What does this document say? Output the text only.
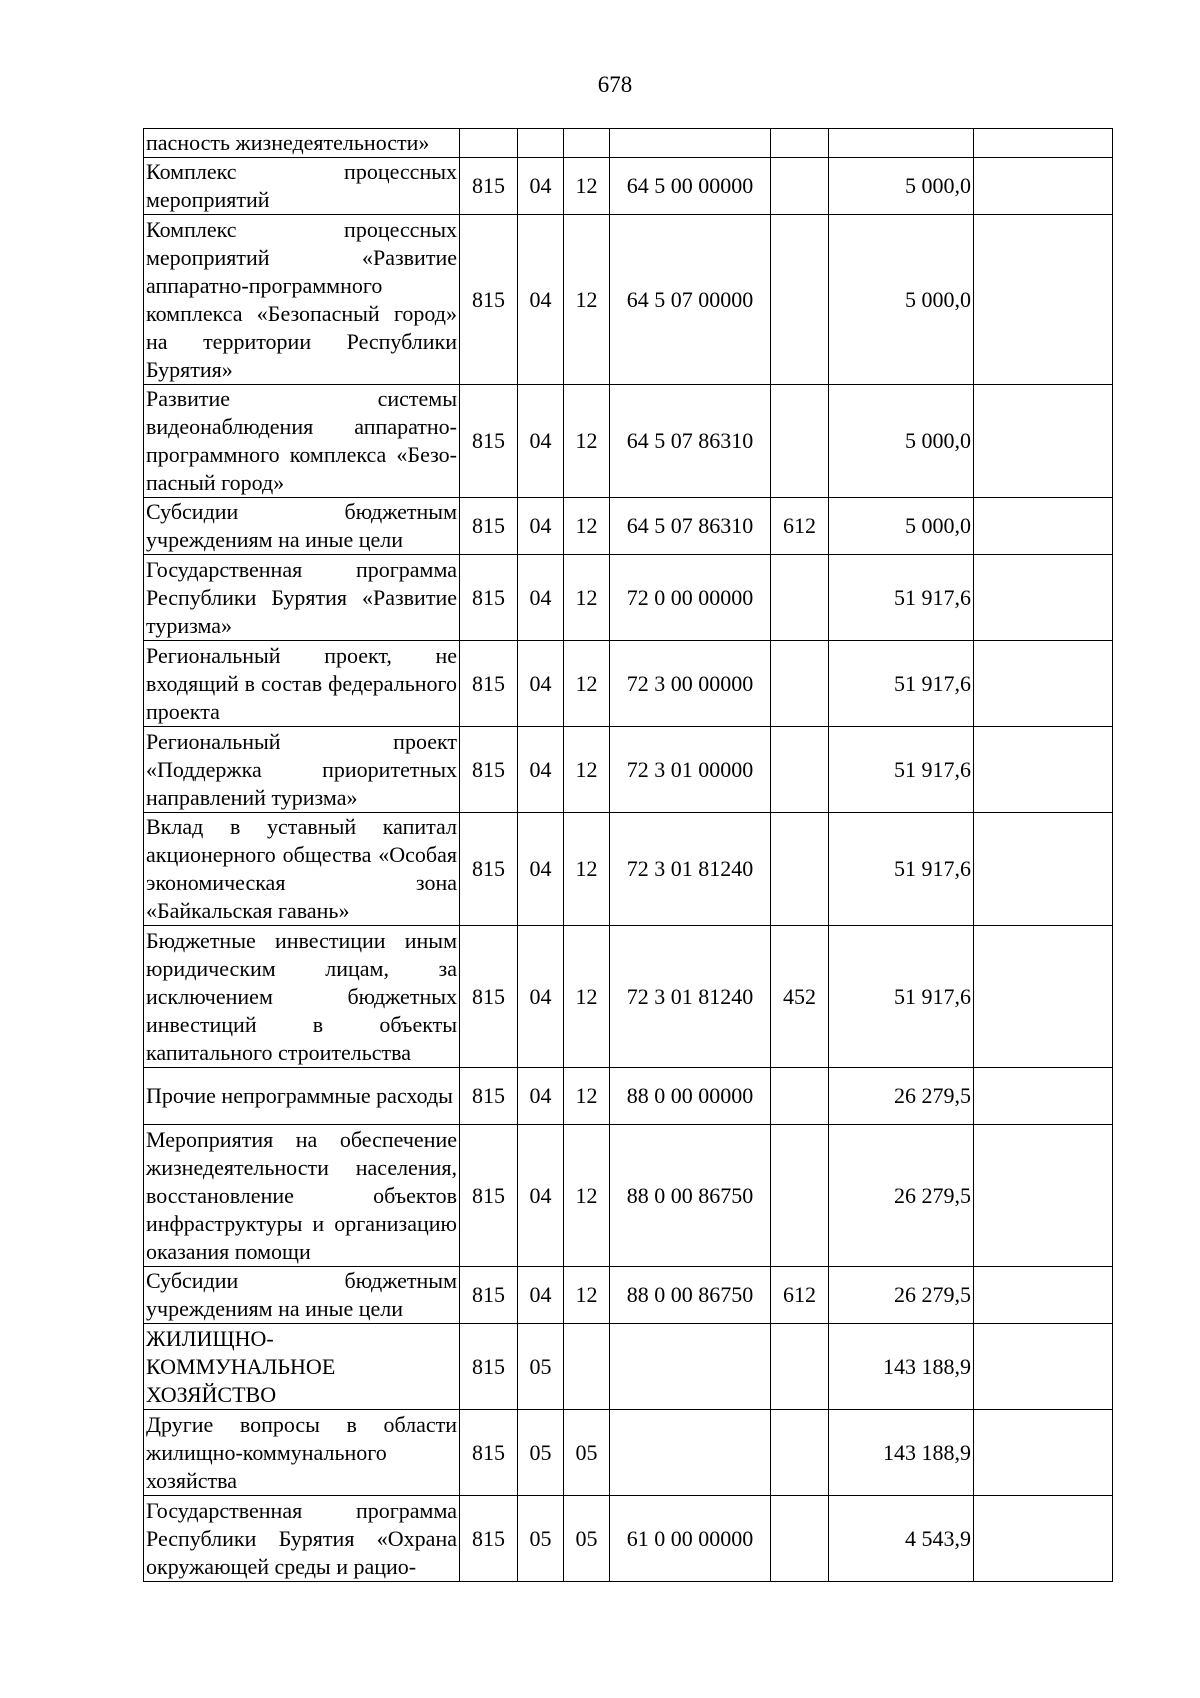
678
пасность жизнедеятельности»							
Комплекс процессных мероприятий	815	04	12	64 5 00 00000		5 000,0	
Комплекс процессных мероприятий «Развитие аппаратно-программного комплекса «Безопасный город» на территории Республики Бурятия»	815	04	12	64 5 07 00000		5 000,0	
Развитие системы видеонаблюдения аппаратно-программного комплекса «Безо-пасный город»	815	04	12	64 5 07 86310		5 000,0	
Субсидии бюджетным учреждениям на иные цели	815	04	12	64 5 07 86310	612	5 000,0	
Государственная программа Республики Бурятия «Развитие туризма»	815	04	12	72 0 00 00000		51 917,6	
Региональный проект, не входящий в состав федерального проекта	815	04	12	72 3 00 00000		51 917,6	
Региональный проект «Поддержка приоритетных направлений туризма»	815	04	12	72 3 01 00000		51 917,6	
Вклад в уставный капитал акционерного общества «Особая экономическая зона «Байкальская гавань»	815	04	12	72 3 01 81240		51 917,6	
Бюджетные инвестиции иным юридическим лицам, за исключением бюджетных инвестиций в объекты капитального строительства	815	04	12	72 3 01 81240	452	51 917,6	
Прочие непрограммные расходы	815	04	12	88 0 00 00000		26 279,5	
Мероприятия на обеспечение жизнедеятельности населения, восстановление объектов инфраструктуры и организацию оказания помощи	815	04	12	88 0 00 86750		26 279,5	
Субсидии бюджетным учреждениям на иные цели	815	04	12	88 0 00 86750	612	26 279,5	
ЖИЛИЩНО-КОММУНАЛЬНОЕ ХОЗЯЙСТВО	815	05				143 188,9	
Другие вопросы в области жилищно-коммунального хозяйства	815	05	05			143 188,9	
Государственная программа Республики Бурятия «Охрана окружающей среды и рацио-	815	05	05	61 0 00 00000		4 543,9	
